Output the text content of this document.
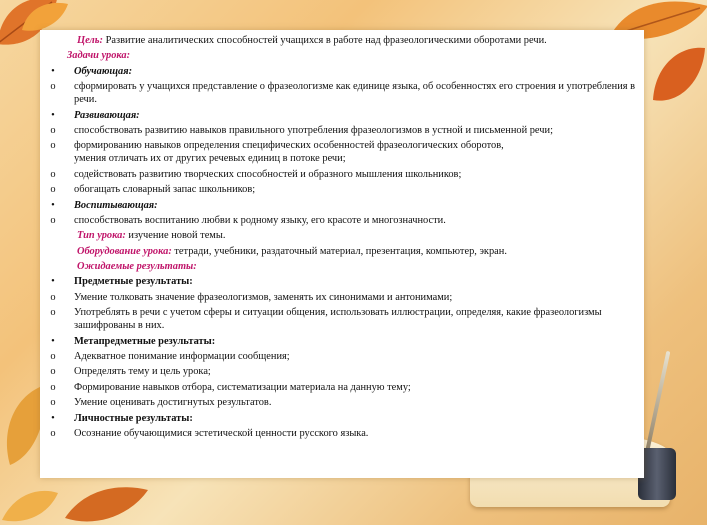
Цель: Развитие аналитических способностей учащихся в работе над фразеологическими оборотами речи.
Задачи урока:
•	Обучающая:
o	сформировать у учащихся представление о фразеологизме как единице языка, об особенностях его строения и употребления в речи.
•	Развивающая:
o	способствовать развитию навыков правильного употребления фразеологизмов в устной и письменной речи;
o	формированию навыков определения специфических особенностей фразеологических оборотов,
умения отличать их от других речевых единиц в потоке речи;
o	содействовать развитию творческих способностей и образного мышления школьников;
o	обогащать словарный запас школьников;
•	Воспитывающая:
o	способствовать воспитанию любви к родному языку, его красоте и многозначности.
Тип урока: изучение новой темы.
Оборудование урока: тетради, учебники, раздаточный материал, презентация, компьютер, экран.
Ожидаемые результаты:
•	Предметные результаты:
o	Умение толковать значение фразеологизмов, заменять их синонимами и антонимами;
o	Употреблять в речи с учетом сферы и ситуации общения, использовать иллюстрации, определяя, какие фразеологизмы зашифрованы в них.
•	Метапредметные результаты:
o	Адекватное понимание информации сообщения;
o	Определять тему и цель урока;
o	Формирование навыков отбора, систематизации материала на данную тему;
o	Умение оценивать достигнутых результатов.
•	Личностные результаты:
o	Осознание обучающимися эстетической ценности русского языка.
